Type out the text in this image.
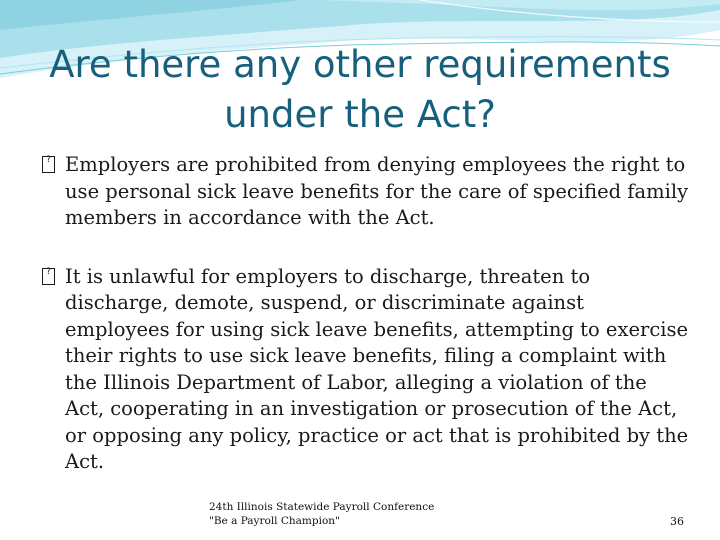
Are there any other requirements
under the Act?

? Employers are prohibited from denying employees the right to use personal sick leave benefits for the care of specified family members in accordance with the Act.

? It is unlawful for employers to discharge, threaten to discharge, demote, suspend, or discriminate against employees for using sick leave benefits, attempting to exercise their rights to use sick leave benefits, filing a complaint with the Illinois Department of Labor, alleging a violation of the Act, cooperating in an investigation or prosecution of the Act, or opposing any policy, practice or act that is prohibited by the Act.

24th Illinois Statewide Payroll Conference
"Be a Payroll Champion"	36
